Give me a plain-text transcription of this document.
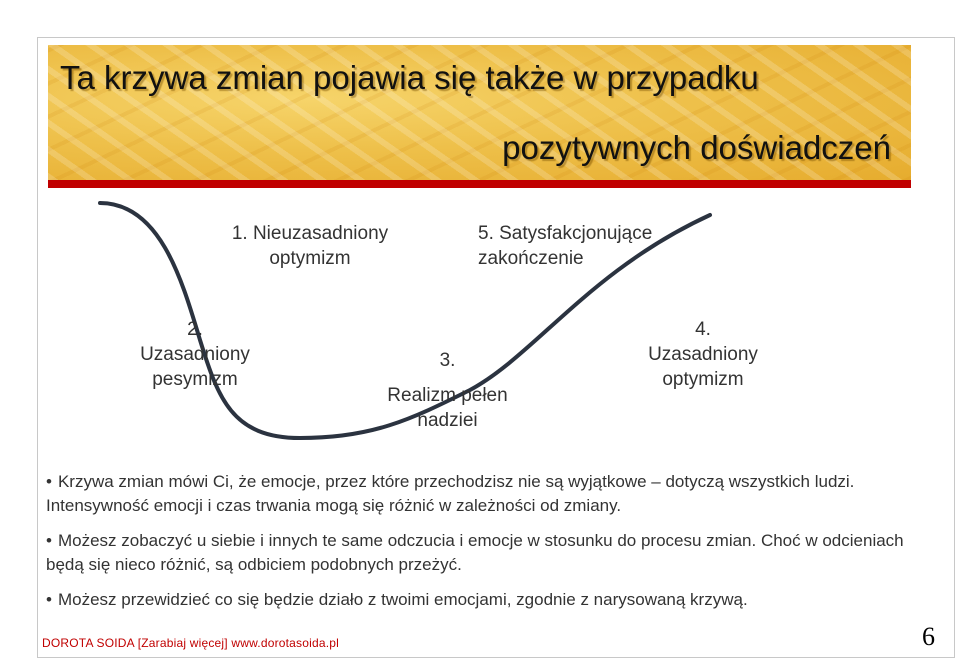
Ta krzywa zmian pojawia się także w przypadku
pozytywnych doświadczeń
1. Nieuzasadniony
optymizm
5. Satysfakcjonujące
zakończenie
2.
Uzasadniony
pesymizm
3.
Realizm pełen
nadziei
4.
Uzasadniony
optymizm

• Krzywa zmian mówi Ci, że emocje, przez które przechodzisz nie są wyjątkowe – dotyczą wszystkich ludzi. Intensywność emocji i czas trwania mogą się różnić w zależności od zmiany.

• Możesz zobaczyć u siebie i innych te same odczucia i emocje w stosunku do procesu zmian. Choć w odcieniach będą się nieco różnić, są odbiciem podobnych przeżyć.

• Możesz przewidzieć co się będzie działo z twoimi emocjami, zgodnie z narysowaną krzywą.

DOROTA SOIDA [Zarabiaj więcej] www.dorotasoida.pl	6
